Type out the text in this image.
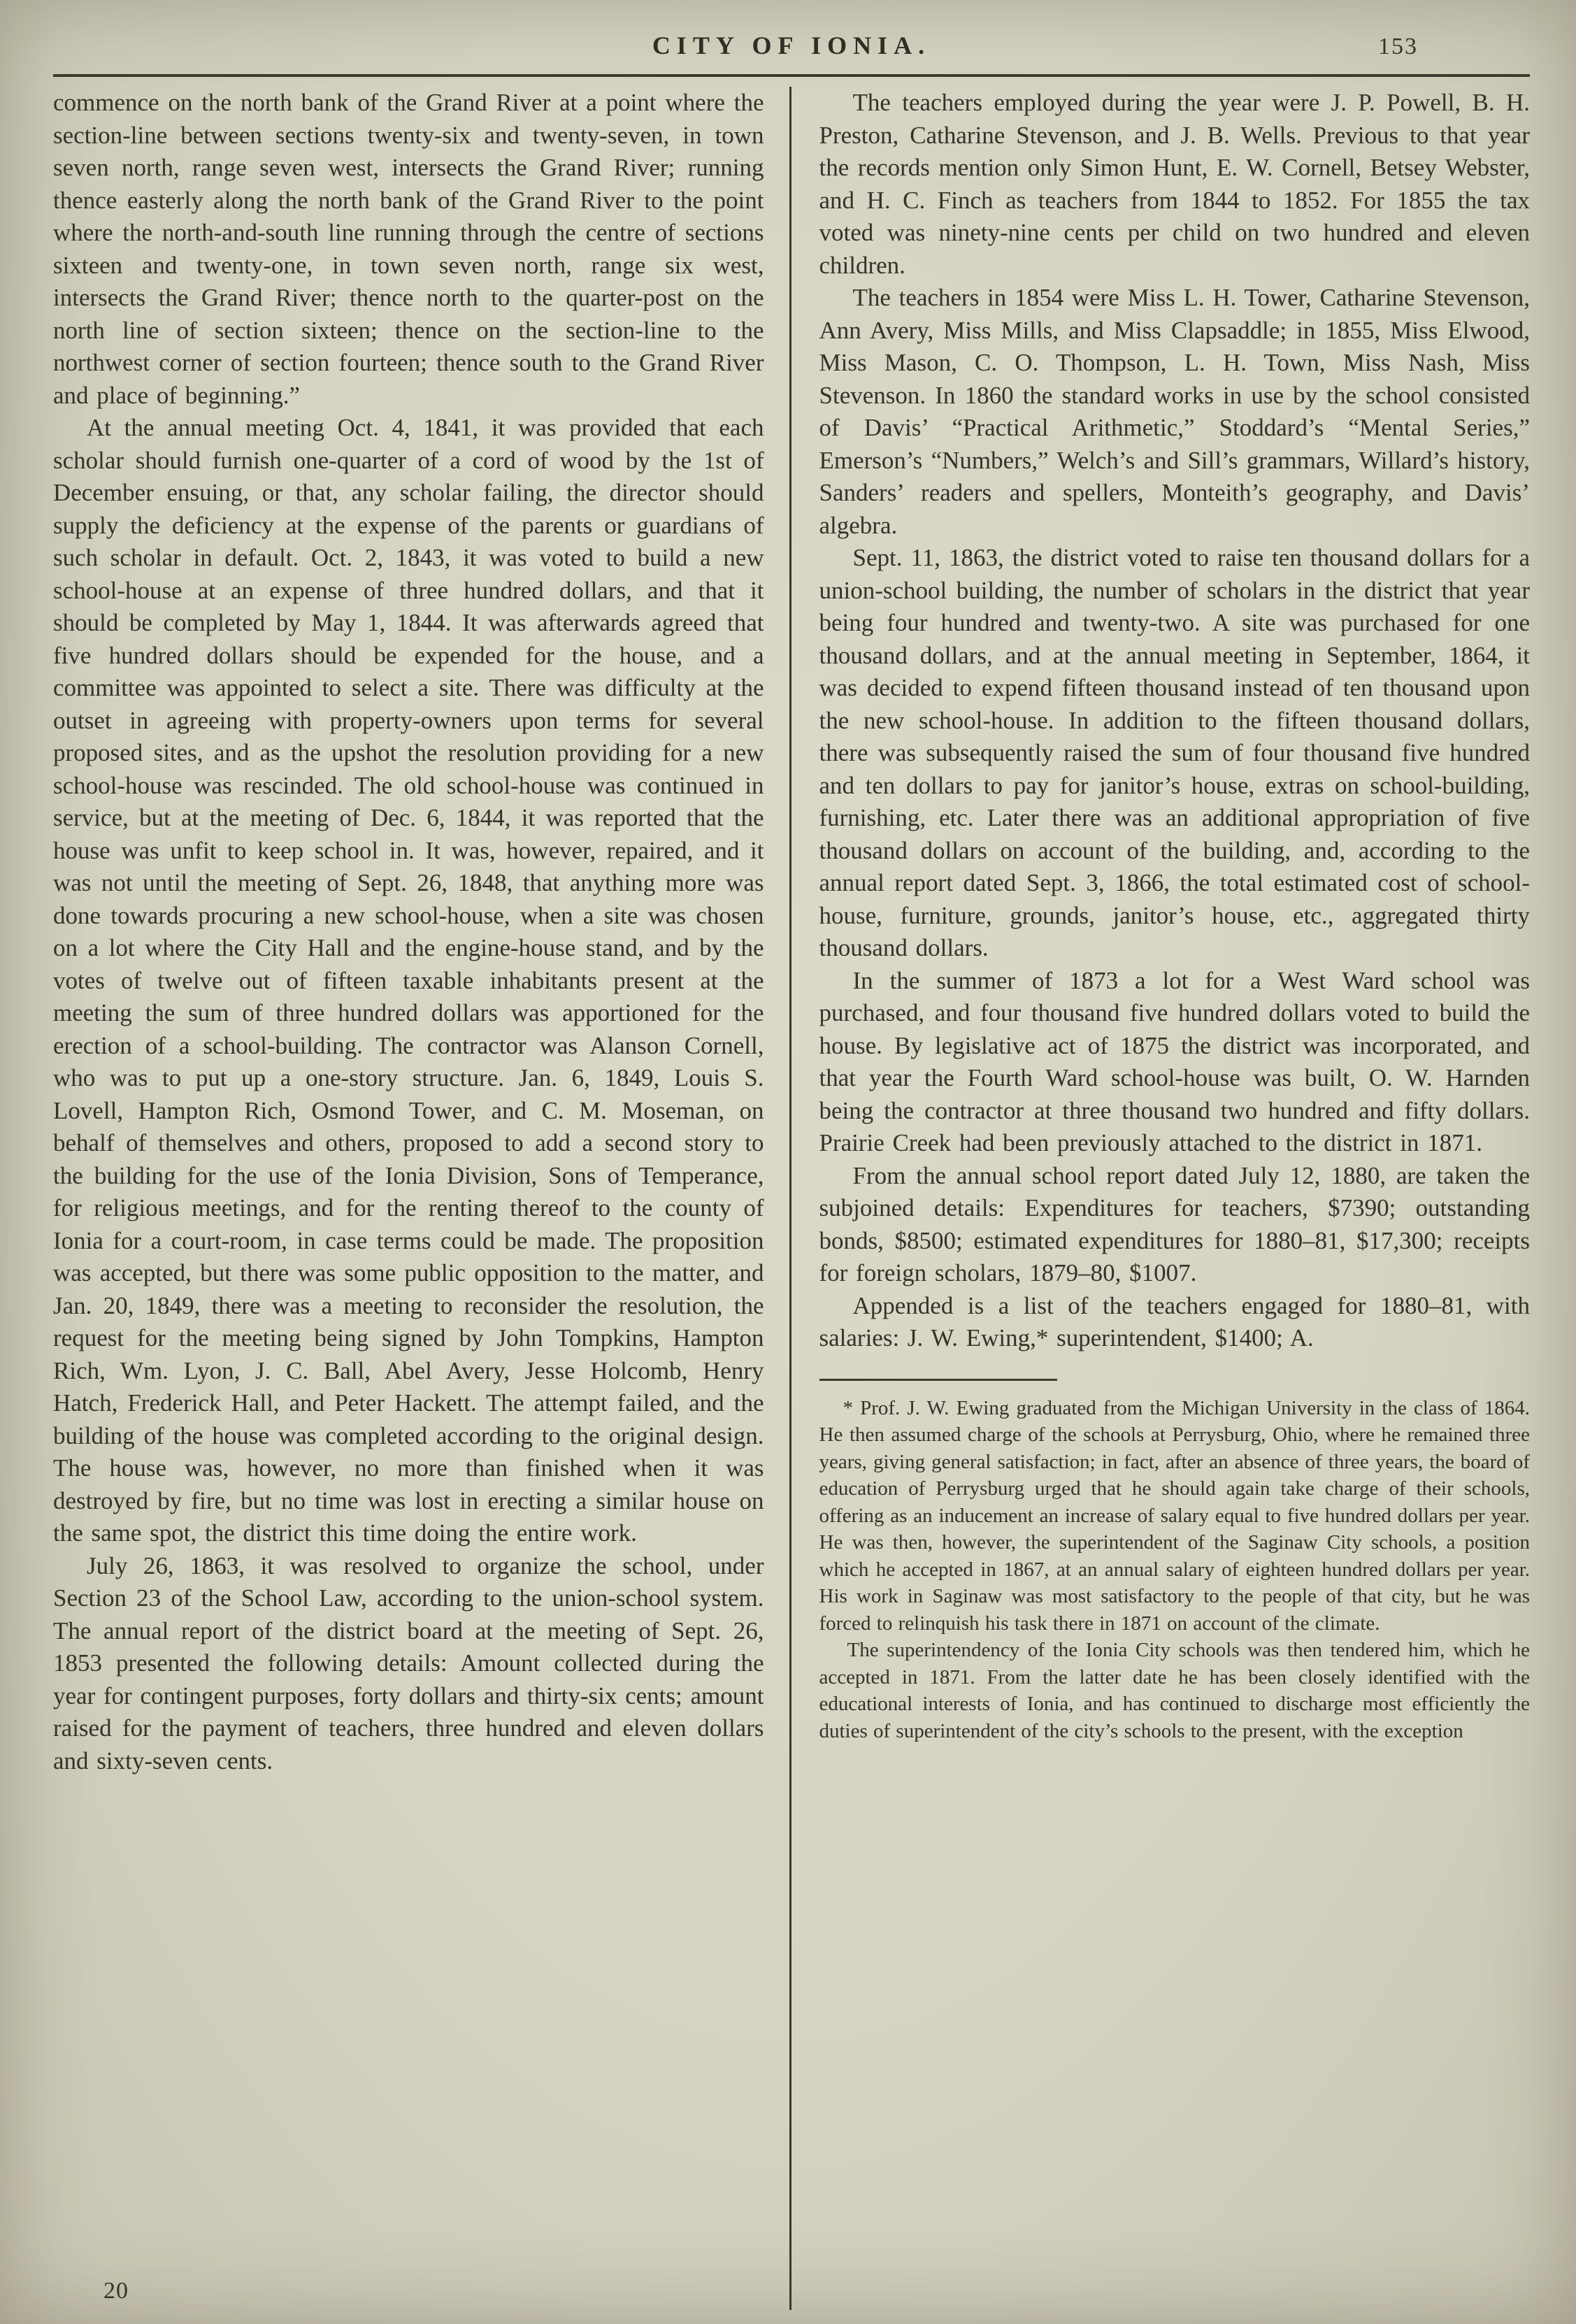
CITY OF IONIA.	153

commence on the north bank of the Grand River at a point where the section-line between sections twenty-six and twenty-seven, in town seven north, range seven west, intersects the Grand River; running thence easterly along the north bank of the Grand River to the point where the north-and-south line running through the centre of sections sixteen and twenty-one, in town seven north, range six west, intersects the Grand River; thence north to the quarter-post on the north line of section sixteen; thence on the section-line to the northwest corner of section fourteen; thence south to the Grand River and place of beginning.”

At the annual meeting Oct. 4, 1841, it was provided that each scholar should furnish one-quarter of a cord of wood by the 1st of December ensuing, or that, any scholar failing, the director should supply the deficiency at the expense of the parents or guardians of such scholar in default. Oct. 2, 1843, it was voted to build a new school-house at an expense of three hundred dollars, and that it should be completed by May 1, 1844. It was afterwards agreed that five hundred dollars should be expended for the house, and a committee was appointed to select a site. There was difficulty at the outset in agreeing with property-owners upon terms for several proposed sites, and as the upshot the resolution providing for a new school-house was rescinded. The old school-house was continued in service, but at the meeting of Dec. 6, 1844, it was reported that the house was unfit to keep school in. It was, however, repaired, and it was not until the meeting of Sept. 26, 1848, that anything more was done towards procuring a new school-house, when a site was chosen on a lot where the City Hall and the engine-house stand, and by the votes of twelve out of fifteen taxable inhabitants present at the meeting the sum of three hundred dollars was apportioned for the erection of a school-building. The contractor was Alanson Cornell, who was to put up a one-story structure. Jan. 6, 1849, Louis S. Lovell, Hampton Rich, Osmond Tower, and C. M. Moseman, on behalf of themselves and others, proposed to add a second story to the building for the use of the Ionia Division, Sons of Temperance, for religious meetings, and for the renting thereof to the county of Ionia for a court-room, in case terms could be made. The proposition was accepted, but there was some public opposition to the matter, and Jan. 20, 1849, there was a meeting to reconsider the resolution, the request for the meeting being signed by John Tompkins, Hampton Rich, Wm. Lyon, J. C. Ball, Abel Avery, Jesse Holcomb, Henry Hatch, Frederick Hall, and Peter Hackett. The attempt failed, and the building of the house was completed according to the original design. The house was, however, no more than finished when it was destroyed by fire, but no time was lost in erecting a similar house on the same spot, the district this time doing the entire work.

July 26, 1863, it was resolved to organize the school, under Section 23 of the School Law, according to the union-school system. The annual report of the district board at the meeting of Sept. 26, 1853 presented the following details: Amount collected during the year for contingent purposes, forty dollars and thirty-six cents; amount raised for the payment of teachers, three hundred and eleven dollars and sixty-seven cents.

The teachers employed during the year were J. P. Powell, B. H. Preston, Catharine Stevenson, and J. B. Wells. Previous to that year the records mention only Simon Hunt, E. W. Cornell, Betsey Webster, and H. C. Finch as teachers from 1844 to 1852. For 1855 the tax voted was ninety-nine cents per child on two hundred and eleven children.

The teachers in 1854 were Miss L. H. Tower, Catharine Stevenson, Ann Avery, Miss Mills, and Miss Clapsaddle; in 1855, Miss Elwood, Miss Mason, C. O. Thompson, L. H. Town, Miss Nash, Miss Stevenson. In 1860 the standard works in use by the school consisted of Davis’ “Practical Arithmetic,” Stoddard’s “Mental Series,” Emerson’s “Numbers,” Welch’s and Sill’s grammars, Willard’s history, Sanders’ readers and spellers, Monteith’s geography, and Davis’ algebra.

Sept. 11, 1863, the district voted to raise ten thousand dollars for a union-school building, the number of scholars in the district that year being four hundred and twenty-two. A site was purchased for one thousand dollars, and at the annual meeting in September, 1864, it was decided to expend fifteen thousand instead of ten thousand upon the new school-house. In addition to the fifteen thousand dollars, there was subsequently raised the sum of four thousand five hundred and ten dollars to pay for janitor’s house, extras on school-building, furnishing, etc. Later there was an additional appropriation of five thousand dollars on account of the building, and, according to the annual report dated Sept. 3, 1866, the total estimated cost of school-house, furniture, grounds, janitor’s house, etc., aggregated thirty thousand dollars.

In the summer of 1873 a lot for a West Ward school was purchased, and four thousand five hundred dollars voted to build the house. By legislative act of 1875 the district was incorporated, and that year the Fourth Ward school-house was built, O. W. Harnden being the contractor at three thousand two hundred and fifty dollars. Prairie Creek had been previously attached to the district in 1871.

From the annual school report dated July 12, 1880, are taken the subjoined details: Expenditures for teachers, $7390; outstanding bonds, $8500; estimated expenditures for 1880–81, $17,300; receipts for foreign scholars, 1879–80, $1007.

Appended is a list of the teachers engaged for 1880–81, with salaries: J. W. Ewing,* superintendent, $1400; A.

* Prof. J. W. Ewing graduated from the Michigan University in the class of 1864. He then assumed charge of the schools at Perrysburg, Ohio, where he remained three years, giving general satisfaction; in fact, after an absence of three years, the board of education of Perrysburg urged that he should again take charge of their schools, offering as an inducement an increase of salary equal to five hundred dollars per year. He was then, however, the superintendent of the Saginaw City schools, a position which he accepted in 1867, at an annual salary of eighteen hundred dollars per year. His work in Saginaw was most satisfactory to the people of that city, but he was forced to relinquish his task there in 1871 on account of the climate.

The superintendency of the Ionia City schools was then tendered him, which he accepted in 1871. From the latter date he has been closely identified with the educational interests of Ionia, and has continued to discharge most efficiently the duties of superintendent of the city’s schools to the present, with the exception

20
